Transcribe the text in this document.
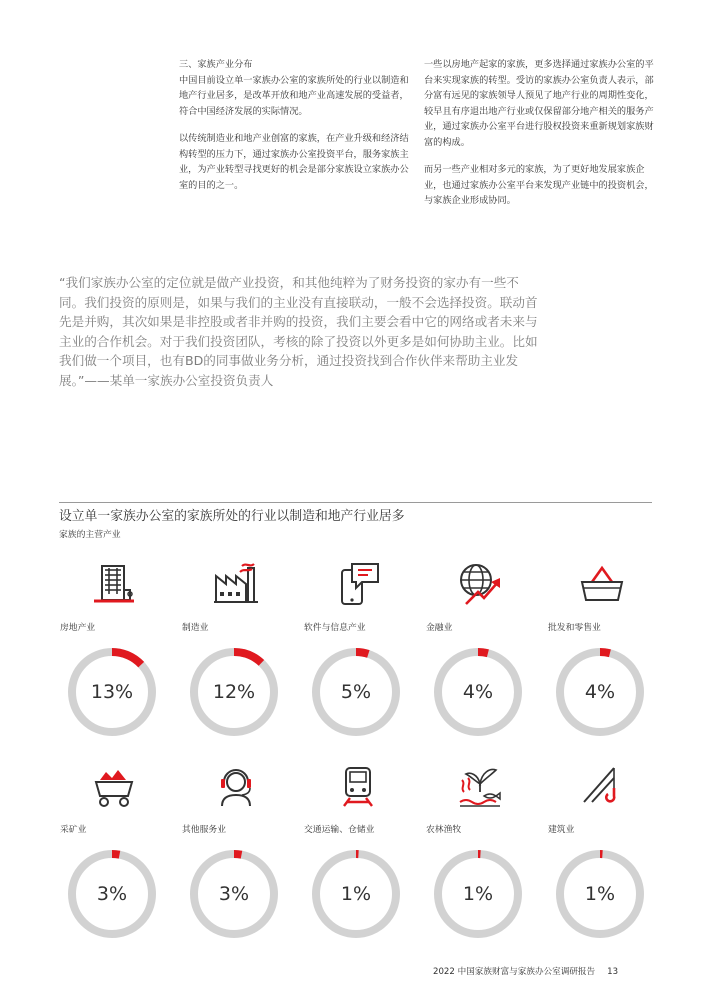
三、家族产业分布

中国目前设立单一家族办公室的家族所处的行业以制造和地产行业居多，是改革开放和地产业高速发展的受益者，符合中国经济发展的实际情况。

以传统制造业和地产业创富的家族，在产业升级和经济结构转型的压力下，通过家族办公室投资平台，服务家族主业，为产业转型寻找更好的机会是部分家族设立家族办公室的目的之一。

一些以房地产起家的家族，更多选择通过家族办公室的平台来实现家族的转型。受访的家族办公室负责人表示，部分富有远见的家族领导人预见了地产行业的周期性变化，较早且有序退出地产行业或仅保留部分地产相关的服务产业，通过家族办公室平台进行股权投资来重新规划家族财富的构成。

而另一些产业相对多元的家族，为了更好地发展家族企业，也通过家族办公室平台来发现产业链中的投资机会，与家族企业形成协同。

“我们家族办公室的定位就是做产业投资，和其他纯粹为了财务投资的家办有一些不同。我们投资的原则是，如果与我们的主业没有直接联动，一般不会选择投资。联动首先是并购，其次如果是非控股或者非并购的投资，我们主要会看中它的网络或者未来与主业的合作机会。对于我们投资团队，考核的除了投资以外更多是如何协助主业。比如我们做一个项目，也有BD的同事做业务分析，通过投资找到合作伙伴来帮助主业发展。”——某单一家族办公室投资负责人

设立单一家族办公室的家族所处的行业以制造和地产行业居多
家族的主营产业
房地产业
13%
制造业
12%
软件与信息产业
5%
金融业
4%
批发和零售业
4%
采矿业
3%
其他服务业
3%
交通运输、仓储业
1%
农林渔牧
1%
建筑业
1%
2022 中国家族财富与家族办公室调研报告 13
